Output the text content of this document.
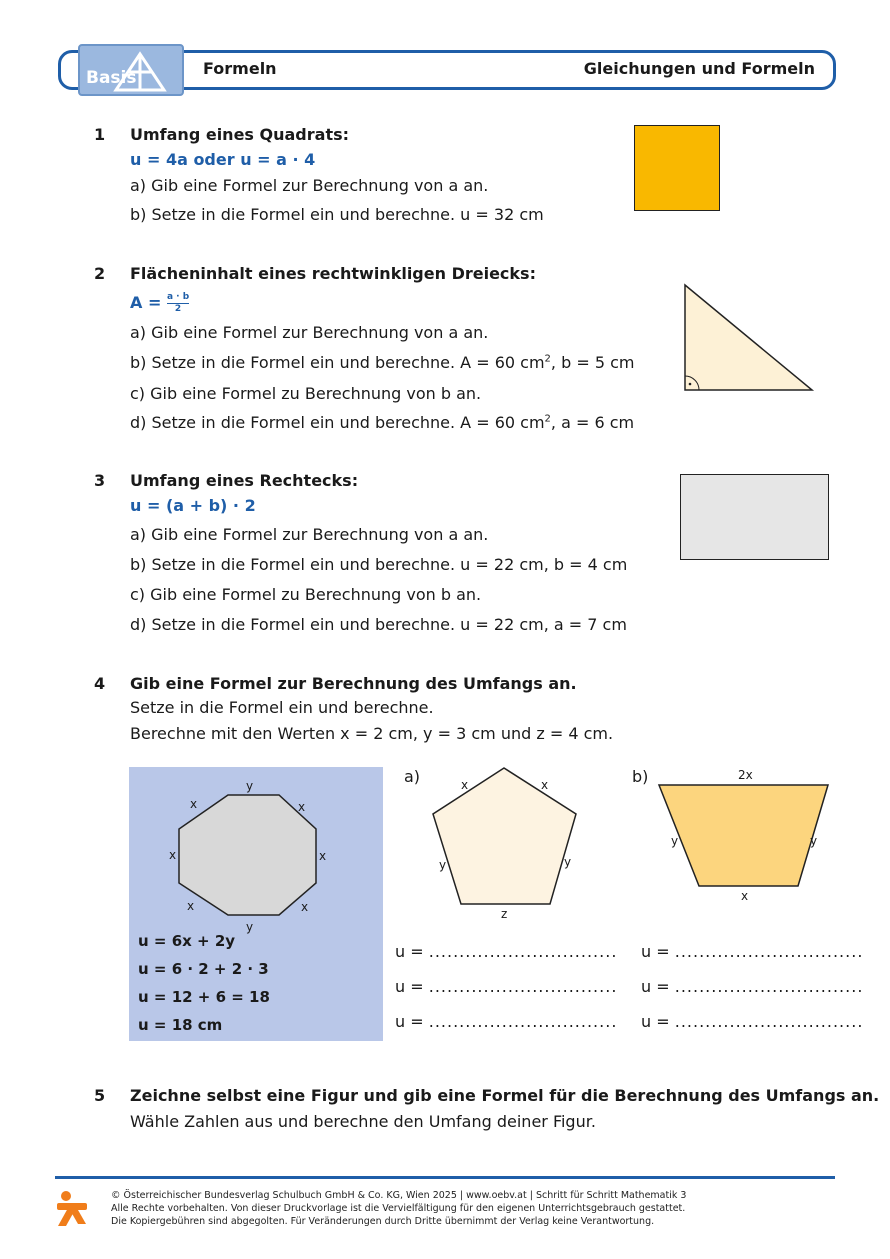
Basis	Formeln	Gleichungen und Formeln
1 Umfang eines Quadrats:
u = 4a oder u = a · 4
a) Gib eine Formel zur Berechnung von a an.
b) Setze in die Formel ein und berechne. u = 32 cm
2 Flächeninhalt eines rechtwinkligen Dreiecks:
$A = \frac{a \cdot b}{2}$
a) Gib eine Formel zur Berechnung von a an.
b) Setze in die Formel ein und berechne. A = 60 $cm^2$, b = 5 cm
c) Gib eine Formel zu Berechnung von b an.
d) Setze in die Formel ein und berechne. A = 60 $cm^2$, a = 6 cm
3 Umfang eines Rechtecks:
u = (a + b) · 2
a) Gib eine Formel zur Berechnung von a an.
b) Setze in die Formel ein und berechne. u = 22 cm, b = 4 cm
c) Gib eine Formel zu Berechnung von b an.
d) Setze in die Formel ein und berechne. u = 22 cm, a = 7 cm
4 Gib eine Formel zur Berechnung des Umfangs an.
Setze in die Formel ein und berechne.
Berechne mit den Werten x = 2 cm, y = 3 cm und z = 4 cm.
y
x	x
x	x
x	x
y
u = 6x + 2y
u = 6 · 2 + 2 · 3
u = 12 + 6 = 18
u = 18 cm
a)	x	x
y	y
z
b)	2x
y	y
x
u = ...............................
u = ...............................
u = ...............................
u = ...............................
u = ...............................
u = ...............................
5 Zeichne selbst eine Figur und gib eine Formel für die Berechnung des Umfangs an.
Wähle Zahlen aus und berechne den Umfang deiner Figur.
© Österreichischer Bundesverlag Schulbuch GmbH & Co. KG, Wien 2025 | www.oebv.at | Schritt für Schritt Mathematik 3
Alle Rechte vorbehalten. Von dieser Druckvorlage ist die Vervielfältigung für den eigenen Unterrichtsgebrauch gestattet.
Die Kopiergebühren sind abgegolten. Für Veränderungen durch Dritte übernimmt der Verlag keine Verantwortung.
